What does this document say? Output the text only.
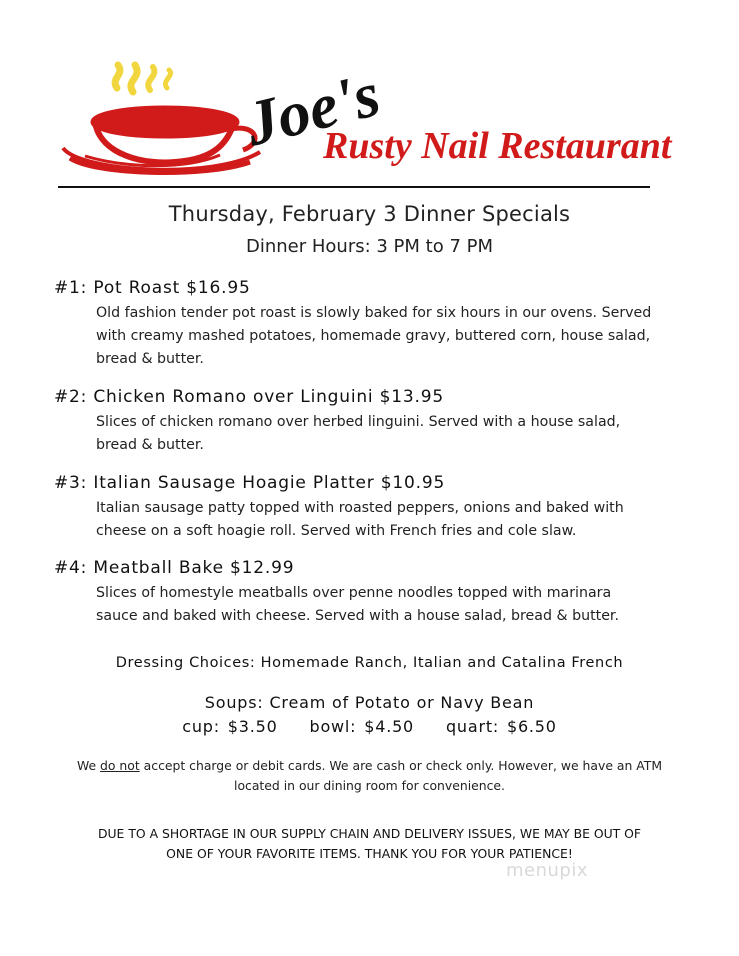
Joe's
Rusty Nail Restaurant
Thursday, February 3 Dinner Specials
Dinner Hours: 3 PM to 7 PM
#1: Pot Roast $16.95
Old fashion tender pot roast is slowly baked for six hours in our ovens. Served
with creamy mashed potatoes, homemade gravy, buttered corn, house salad,
bread & butter.
#2: Chicken Romano over Linguini $13.95
Slices of chicken romano over herbed linguini. Served with a house salad,
bread & butter.
#3: Italian Sausage Hoagie Platter $10.95
Italian sausage patty topped with roasted peppers, onions and baked with
cheese on a soft hoagie roll. Served with French fries and cole slaw.
#4: Meatball Bake $12.99
Slices of homestyle meatballs over penne noodles topped with marinara
sauce and baked with cheese. Served with a house salad, bread & butter.
Dressing Choices: Homemade Ranch, Italian and Catalina French
Soups: Cream of Potato or Navy Bean
cup: $3.50 bowl: $4.50 quart: $6.50
We do not accept charge or debit cards. We are cash or check only. However, we have an ATM
located in our dining room for convenience.
DUE TO A SHORTAGE IN OUR SUPPLY CHAIN AND DELIVERY ISSUES, WE MAY BE OUT OF
ONE OF YOUR FAVORITE ITEMS. THANK YOU FOR YOUR PATIENCE!
menupix
